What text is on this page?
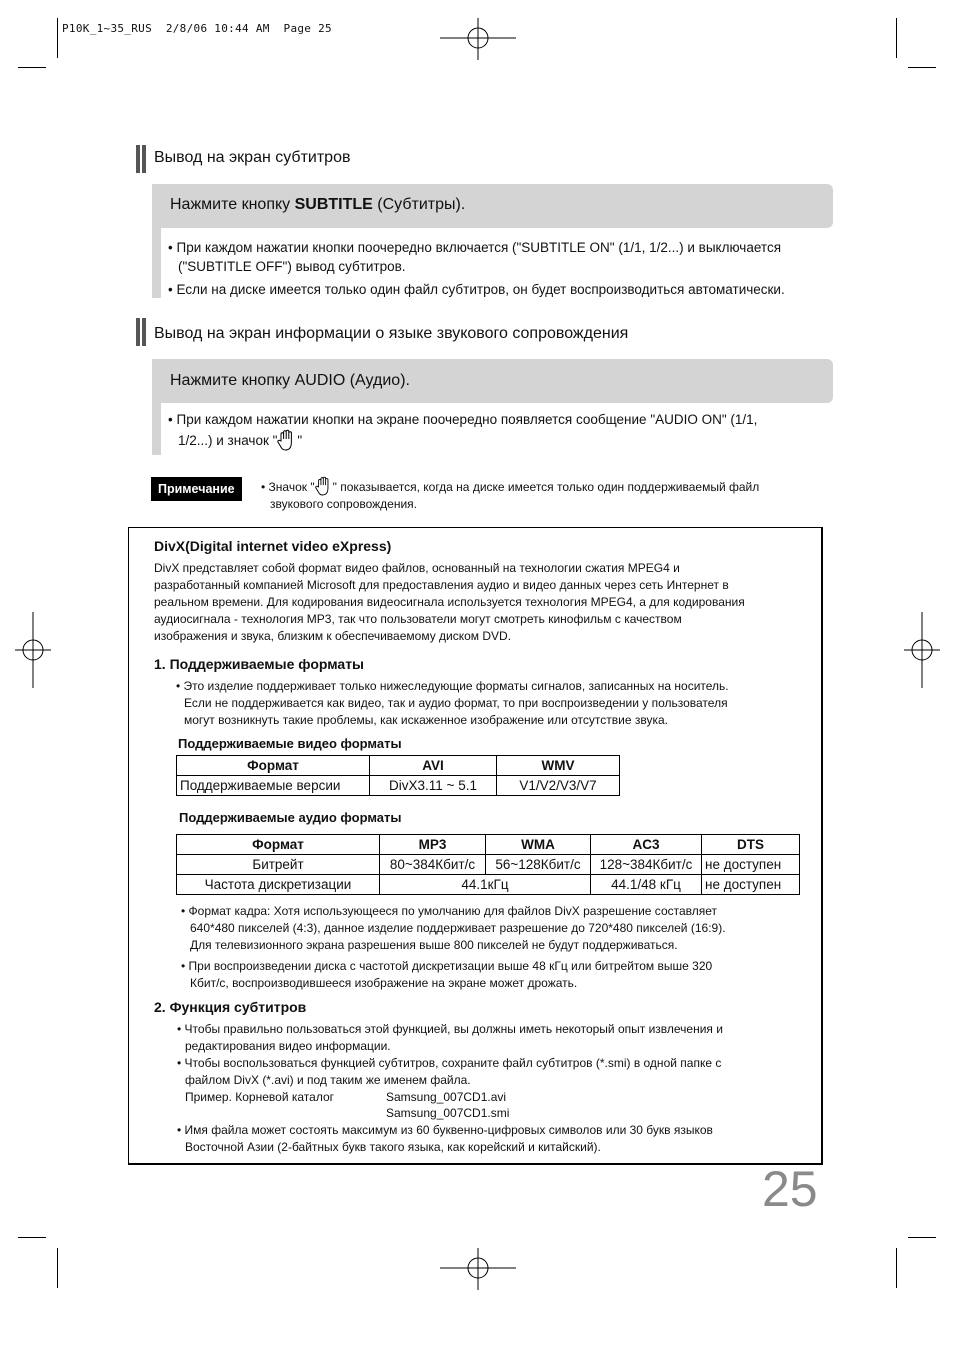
P10K_1~35_RUS  2/8/06 10:44 AM  Page 25
Вывод на экран субтитров
Нажмите кнопку SUBTITLE (Субтитры).
• При каждом нажатии кнопки поочередно включается ("SUBTITLE ON" (1/1, 1/2...) и выключается
("SUBTITLE OFF") вывод субтитров.
• Если на диске имеется только один файл субтитров, он будет воспроизводиться автоматически.
Вывод на экран информации о языке звукового сопровождения
Нажмите кнопку AUDIO (Аудио).
• При каждом нажатии кнопки на экране поочередно появляется сообщение "AUDIO ON" (1/1,
1/2...) и значок " "
Примечание	• Значок " " показывается, когда на диске имеется только один поддерживаемый файл
звукового сопровождения.
DivX(Digital internet video eXpress)
DivX представляет собой формат видео файлов, основанный на технологии сжатия MPEG4 и
разработанный компанией Microsoft для предоставления аудио и видео данных через сеть Интернет в
реальном времени. Для кодирования видеосигнала используется технология MPEG4, а для кодирования
аудиосигнала - технология MP3, так что пользователи могут смотреть кинофильм с качеством
изображения и звука, близким к обеспечиваемому диском DVD.
1. Поддерживаемые форматы
• Это изделие поддерживает только нижеследующие форматы сигналов, записанных на носитель.
Если не поддерживается как видео, так и аудио формат, то при воспроизведении у пользователя
могут возникнуть такие проблемы, как искаженное изображение или отсутствие звука.
Поддерживаемые видео форматы
Формат	AVI	WMV
Поддерживаемые версии	DivX3.11 ~ 5.1	V1/V2/V3/V7
Поддерживаемые аудио форматы
Формат	MP3	WMA	AC3	DTS
Битрейт	80~384Кбит/с	56~128Кбит/с	128~384Кбит/с	не доступен
Частота дискретизации	44.1кГц		44.1/48 кГц	не доступен
• Формат кадра: Хотя использующееся по умолчанию для файлов DivX разрешение составляет
640*480 пикселей (4:3), данное изделие поддерживает разрешение до 720*480 пикселей (16:9).
Для телевизионного экрана разрешения выше 800 пикселей не будут поддерживаться.
• При воспроизведении диска с частотой дискретизации выше 48 кГц или битрейтом выше 320
Кбит/с, воспроизводившееся изображение на экране может дрожать.
2. Функция субтитров
• Чтобы правильно пользоваться этой функцией, вы должны иметь некоторый опыт извлечения и
редактирования видео информации.
• Чтобы воспользоваться функцией субтитров, сохраните файл субтитров (*.smi) в одной папке с
файлом DivX (*.avi) и под таким же именем файла.
Пример. Корневой каталог	Samsung_007CD1.avi
Samsung_007CD1.smi
• Имя файла может состоять максимум из 60 буквенно-цифровых символов или 30 букв языков
Восточной Азии (2-байтных букв такого языка, как корейский и китайский).
25
